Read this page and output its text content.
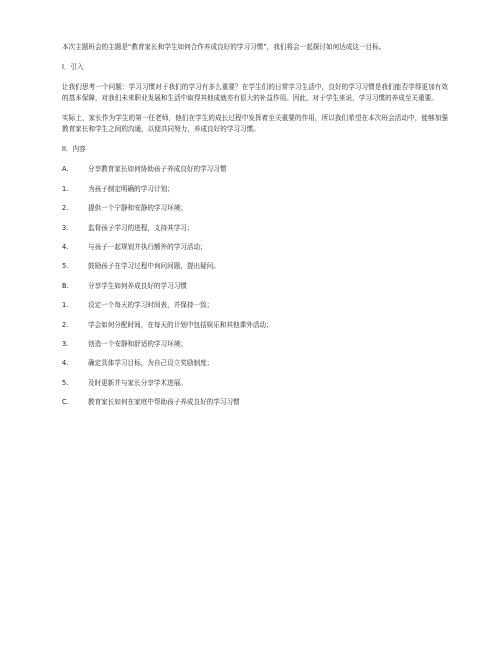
本次主题班会的主题是“教育家长和学生如何合作养成良好的学习习惯”，我们将会一起探讨如何达成这一目标。

I．引入

让我们思考一个问题：学习习惯对于我们的学习有多么重要？在学生们的日常学习生活中，良好的学习习惯是我们能否学得更加有效的基本保障，对我们未来职业发展和生活中取得其他成就亦有很大的补益作用。因此，对于学生来说，学习习惯的养成至关重要。

实际上，家长作为学生的第一任老师，他们在学生的成长过程中发挥着至关重要的作用，所以我们希望在本次班会活动中，能够加强教育家长和学生之间的沟通，以便共同努力，养成良好的学习习惯。

II．内容

A.	分享教育家长如何协助孩子养成良好的学习习惯
1.	为孩子制定明确的学习计划；
2.	提供一个宁静和安静的学习环境；
3.	监督孩子学习的进程，支持其学习；
4.	与孩子一起规划并执行额外的学习活动；
5.	鼓励孩子在学习过程中询问问题，提出疑问。
B.	分享学生如何养成良好的学习习惯
1.	设定一个每天的学习时间表，并保持一致；
2.	学会如何分配时间，在每天的计划中包括娱乐和其他课外活动；
3.	创造一个安静和舒适的学习环境；
4.	确定具体学习目标，为自己设立奖励制度；
5.	及时更新并与家长分享学术进展。
C.	教育家长如何在家庭中帮助孩子养成良好的学习习惯
